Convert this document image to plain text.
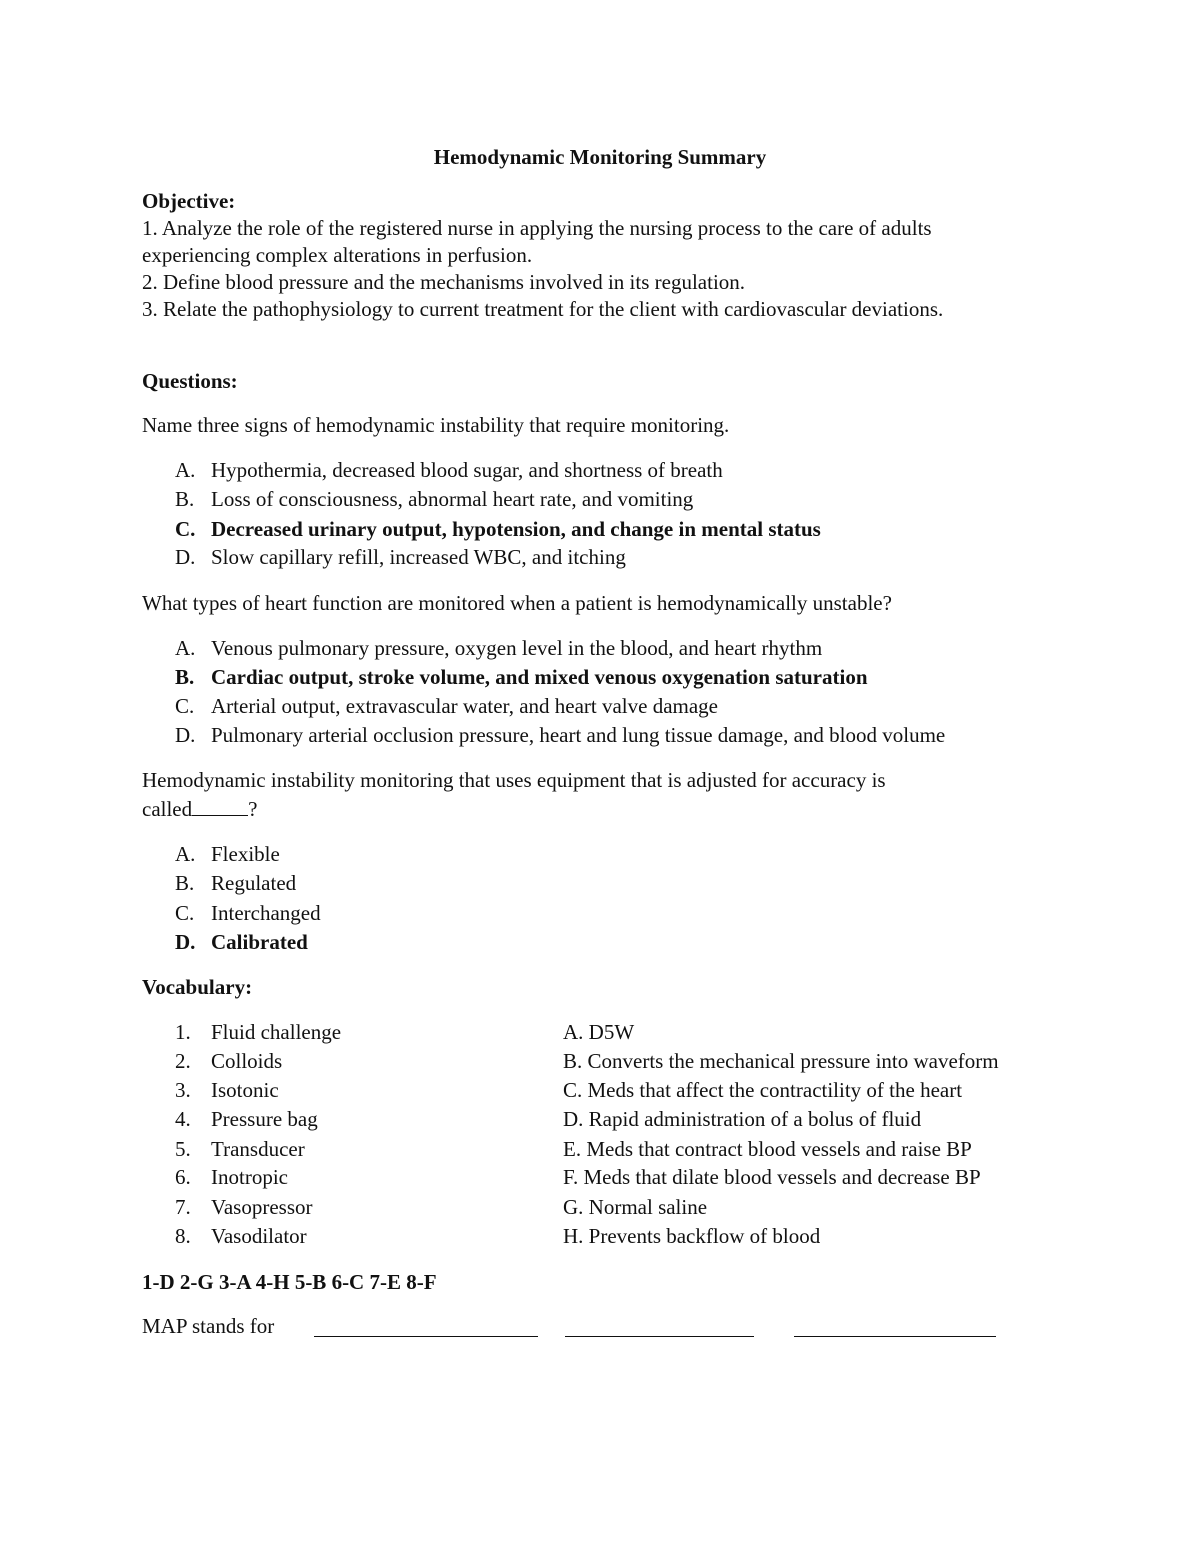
Hemodynamic Monitoring Summary
Objective:
1. Analyze the role of the registered nurse in applying the nursing process to the care of adults
experiencing complex alterations in perfusion.
2. Define blood pressure and the mechanisms involved in its regulation.
3. Relate the pathophysiology to current treatment for the client with cardiovascular deviations.
Questions:
Name three signs of hemodynamic instability that require monitoring.
A. Hypothermia, decreased blood sugar, and shortness of breath
B. Loss of consciousness, abnormal heart rate, and vomiting
C. Decreased urinary output, hypotension, and change in mental status
D. Slow capillary refill, increased WBC, and itching
What types of heart function are monitored when a patient is hemodynamically unstable?
A. Venous pulmonary pressure, oxygen level in the blood, and heart rhythm
B. Cardiac output, stroke volume, and mixed venous oxygenation saturation
C. Arterial output, extravascular water, and heart valve damage
D. Pulmonary arterial occlusion pressure, heart and lung tissue damage, and blood volume
Hemodynamic instability monitoring that uses equipment that is adjusted for accuracy is
called	?
A. Flexible
B. Regulated
C. Interchanged
D. Calibrated
Vocabulary:
1. Fluid challenge
2. Colloids
3. Isotonic
4. Pressure bag
5. Transducer
6. Inotropic
7. Vasopressor
8. Vasodilator
A. D5W
B. Converts the mechanical pressure into waveform
C. Meds that affect the contractility of the heart
D. Rapid administration of a bolus of fluid
E. Meds that contract blood vessels and raise BP
F. Meds that dilate blood vessels and decrease BP
G. Normal saline
H. Prevents backflow of blood
1-D 2-G 3-A 4-H 5-B 6-C 7-E 8-F
MAP stands for
